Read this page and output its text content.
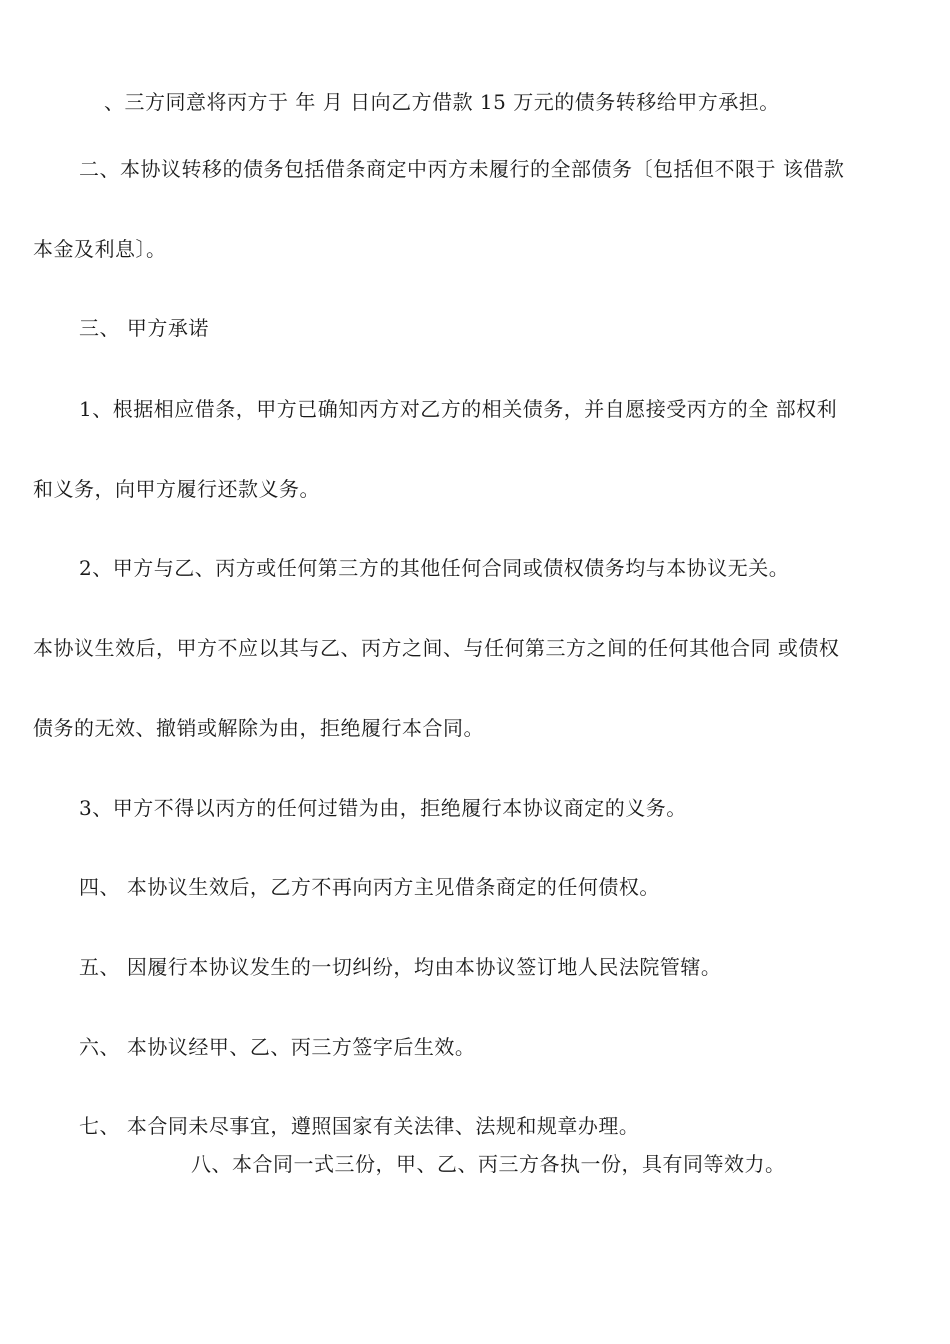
、三方同意将丙方于 年 月 日向乙方借款 15 万元的债务转移给甲方承担。
二、本协议转移的债务包括借条商定中丙方未履行的全部债务〔包括但不限于 该借款
本金及利息〕。
三、 甲方承诺
1、根据相应借条，甲方已确知丙方对乙方的相关债务，并自愿接受丙方的全 部权利
和义务，向甲方履行还款义务。
2、甲方与乙、丙方或任何第三方的其他任何合同或债权债务均与本协议无关。
本协议生效后，甲方不应以其与乙、丙方之间、与任何第三方之间的任何其他合同 或债权
债务的无效、撤销或解除为由，拒绝履行本合同。
3、甲方不得以丙方的任何过错为由，拒绝履行本协议商定的义务。
四、 本协议生效后，乙方不再向丙方主见借条商定的任何债权。
五、 因履行本协议发生的一切纠纷，均由本协议签订地人民法院管辖。
六、 本协议经甲、乙、丙三方签字后生效。
七、 本合同未尽事宜，遵照国家有关法律、法规和规章办理。
八、本合同一式三份，甲、乙、丙三方各执一份，具有同等效力。
